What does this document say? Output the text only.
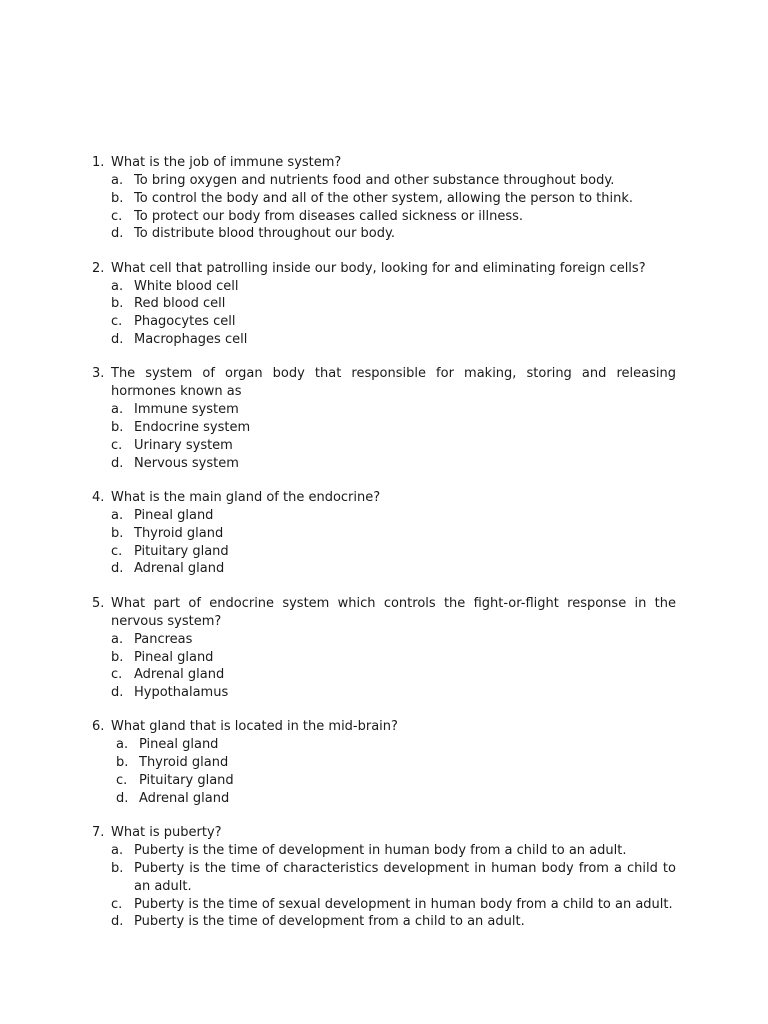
1. What is the job of immune system?
a. To bring oxygen and nutrients food and other substance throughout body.
b. To control the body and all of the other system, allowing the person to think.
c. To protect our body from diseases called sickness or illness.
d. To distribute blood throughout our body.
2. What cell that patrolling inside our body, looking for and eliminating foreign cells?
a. White blood cell
b. Red blood cell
c. Phagocytes cell
d. Macrophages cell
3. The system of organ body that responsible for making, storing and releasing hormones known as
a. Immune system
b. Endocrine system
c. Urinary system
d. Nervous system
4. What is the main gland of the endocrine?
a. Pineal gland
b. Thyroid gland
c. Pituitary gland
d. Adrenal gland
5. What part of endocrine system which controls the fight-or-flight response in the nervous system?
a. Pancreas
b. Pineal gland
c. Adrenal gland
d. Hypothalamus
6. What gland that is located in the mid-brain?
a. Pineal gland
b. Thyroid gland
c. Pituitary gland
d. Adrenal gland
7. What is puberty?
a. Puberty is the time of development in human body from a child to an adult.
b. Puberty is the time of characteristics development in human body from a child to an adult.
c. Puberty is the time of sexual development in human body from a child to an adult.
d. Puberty is the time of development from a child to an adult.
